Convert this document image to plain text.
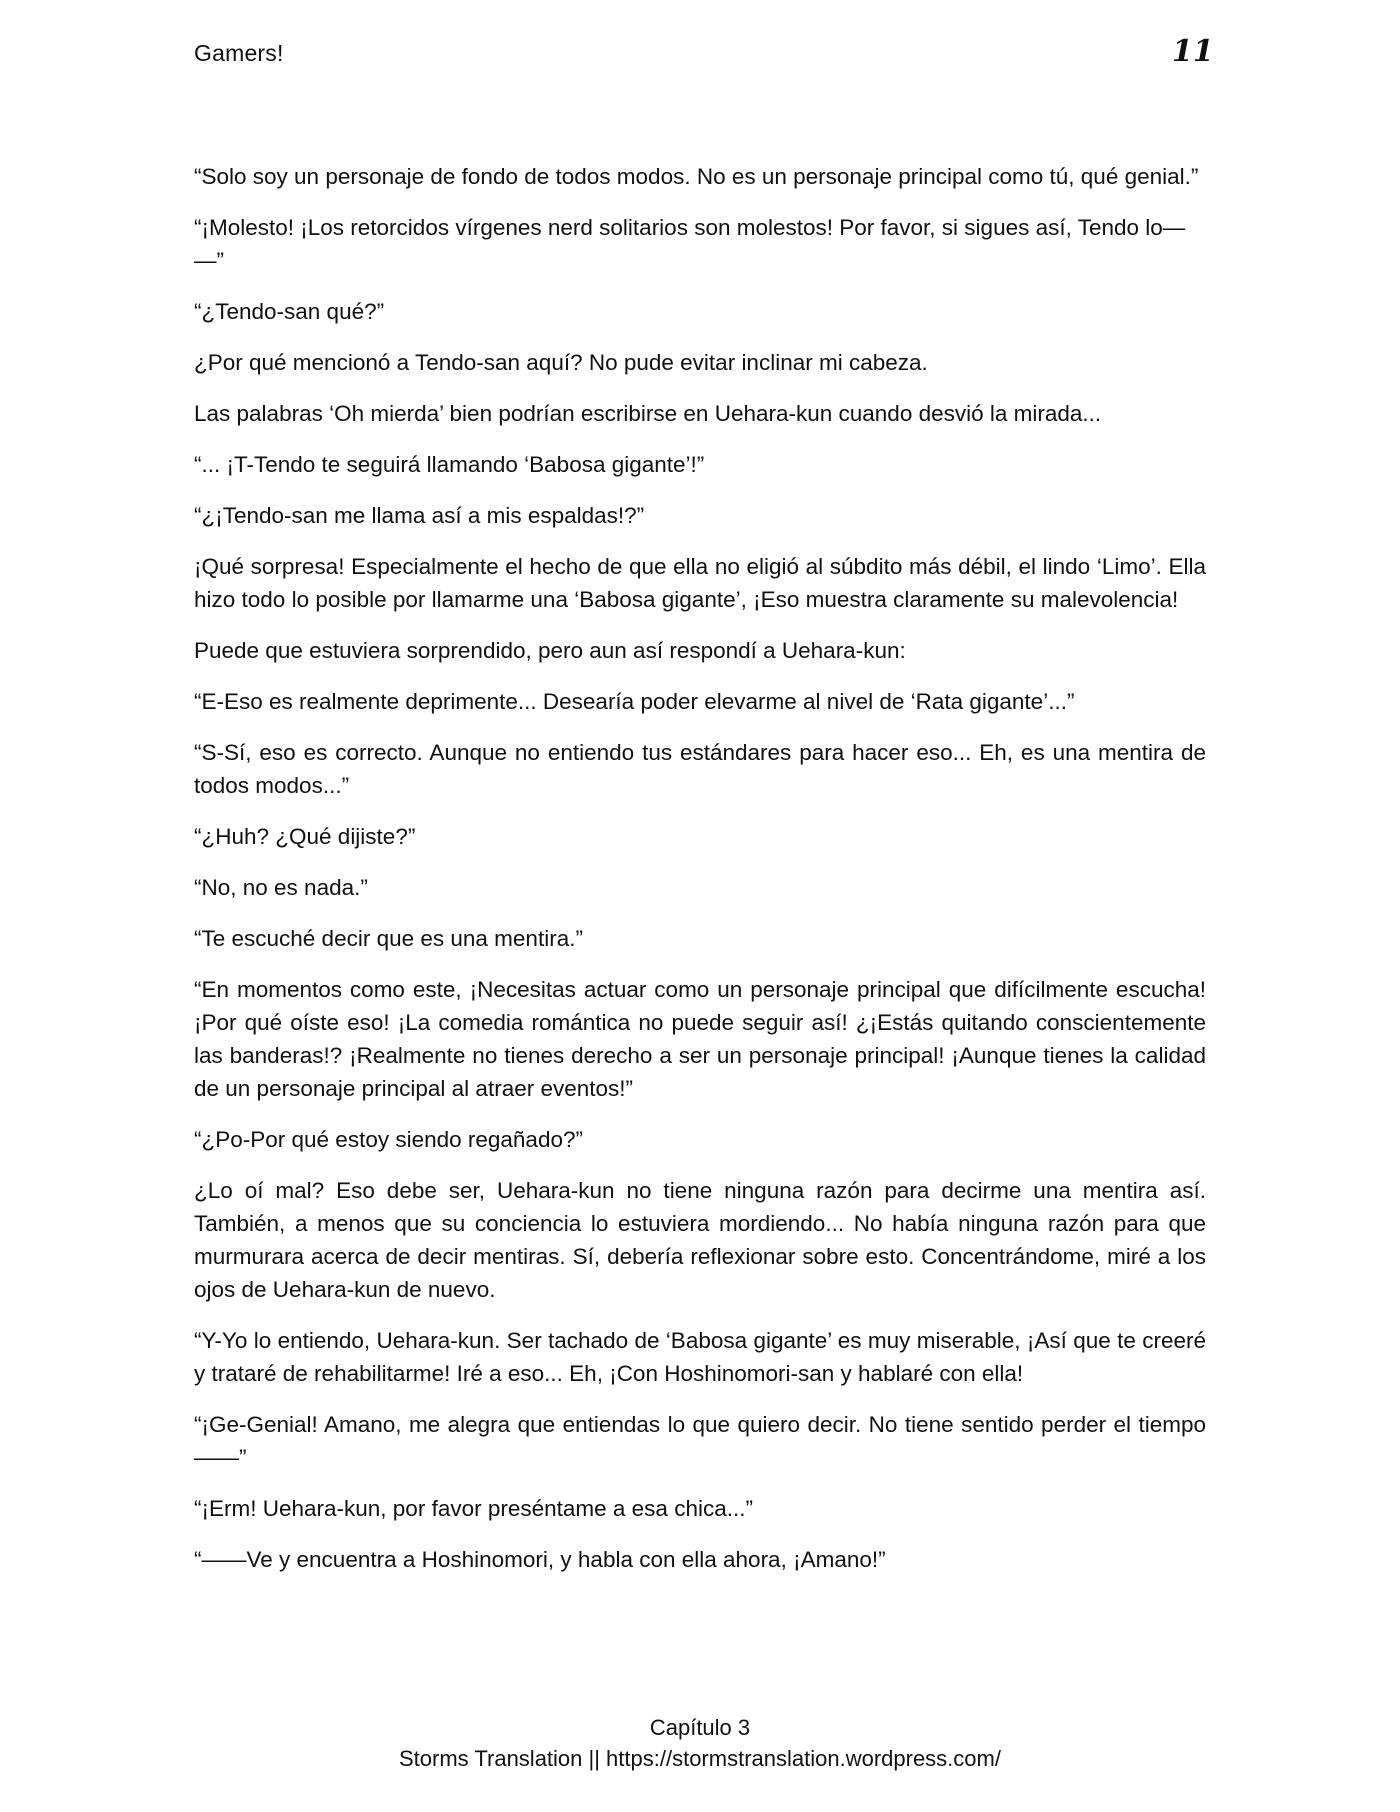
Gamers!	11

“Solo soy un personaje de fondo de todos modos. No es un personaje principal como tú, qué genial.”

“¡Molesto! ¡Los retorcidos vírgenes nerd solitarios son molestos! Por favor, si sigues así, Tendo lo—

—”

“¿Tendo-san qué?”

¿Por qué mencionó a Tendo-san aquí? No pude evitar inclinar mi cabeza.

Las palabras ‘Oh mierda’ bien podrían escribirse en Uehara-kun cuando desvió la mirada...

“... ¡T-Tendo te seguirá llamando ‘Babosa gigante’!”

“¿¡Tendo-san me llama así a mis espaldas!?”

¡Qué sorpresa! Especialmente el hecho de que ella no eligió al súbdito más débil, el lindo ‘Limo’. Ella hizo todo lo posible por llamarme una ‘Babosa gigante’, ¡Eso muestra claramente su malevolencia!

Puede que estuviera sorprendido, pero aun así respondí a Uehara-kun:

“E-Eso es realmente deprimente... Desearía poder elevarme al nivel de ‘Rata gigante’...”

“S-Sí, eso es correcto. Aunque no entiendo tus estándares para hacer eso... Eh, es una mentira de todos modos...”

“¿Huh? ¿Qué dijiste?”

“No, no es nada.”

“Te escuché decir que es una mentira.”

“En momentos como este, ¡Necesitas actuar como un personaje principal que difícilmente escucha! ¡Por qué oíste eso! ¡La comedia romántica no puede seguir así! ¿¡Estás quitando conscientemente las banderas!? ¡Realmente no tienes derecho a ser un personaje principal! ¡Aunque tienes la calidad de un personaje principal al atraer eventos!”

“¿Po-Por qué estoy siendo regañado?”

¿Lo oí mal? Eso debe ser, Uehara-kun no tiene ninguna razón para decirme una mentira así. También, a menos que su conciencia lo estuviera mordiendo... No había ninguna razón para que murmurara acerca de decir mentiras. Sí, debería reflexionar sobre esto. Concentrándome, miré a los ojos de Uehara-kun de nuevo.

“Y-Yo lo entiendo, Uehara-kun. Ser tachado de ‘Babosa gigante’ es muy miserable, ¡Así que te creeré y trataré de rehabilitarme! Iré a eso... Eh, ¡Con Hoshinomori-san y hablaré con ella!

“¡Ge-Genial! Amano, me alegra que entiendas lo que quiero decir. No tiene sentido perder el tiempo——”

“¡Erm! Uehara-kun, por favor preséntame a esa chica...”

“——Ve y encuentra a Hoshinomori, y habla con ella ahora, ¡Amano!”

Capítulo 3
Storms Translation || https://stormstranslation.wordpress.com/
